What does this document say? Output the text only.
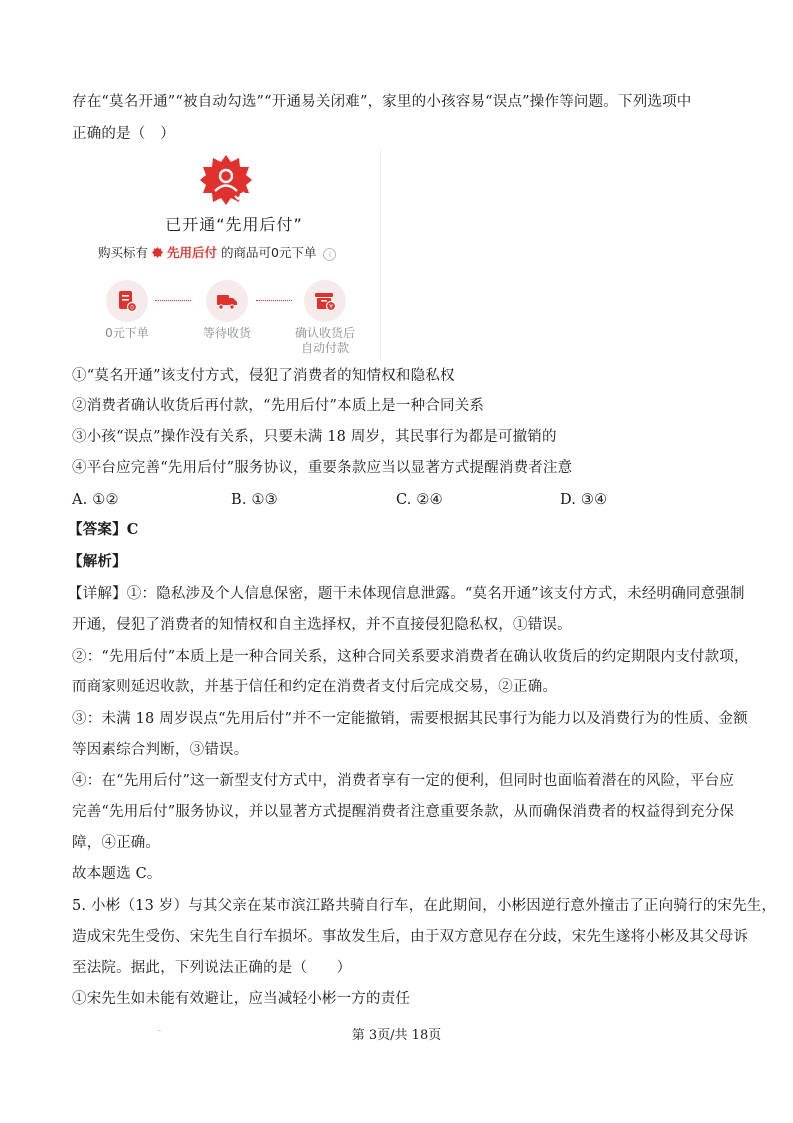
存在“莫名开通”“被自动勾选”“开通易关闭难”，家里的小孩容易“误点”操作等问题。下列选项中
正确的是（　）
已开通“先用后付”
购买标有 先用后付 的商品可0元下单 i
0	¥
0元下单	等待收货	确认收货后
自动付款
①“莫名开通”该支付方式，侵犯了消费者的知情权和隐私权
②消费者确认收货后再付款，“先用后付”本质上是一种合同关系
③小孩“误点”操作没有关系，只要未满 18 周岁，其民事行为都是可撤销的
④平台应完善“先用后付”服务协议，重要条款应当以显著方式提醒消费者注意
A. ①②	B. ①③	C. ②④	D. ③④
【答案】C
【解析】
【详解】①：隐私涉及个人信息保密，题干未体现信息泄露。“莫名开通”该支付方式，未经明确同意强制
开通，侵犯了消费者的知情权和自主选择权，并不直接侵犯隐私权，①错误。
②：“先用后付”本质上是一种合同关系，这种合同关系要求消费者在确认收货后的约定期限内支付款项，
而商家则延迟收款，并基于信任和约定在消费者支付后完成交易，②正确。
③：未满 18 周岁误点“先用后付”并不一定能撤销，需要根据其民事行为能力以及消费行为的性质、金额
等因素综合判断，③错误。
④：在“先用后付”这一新型支付方式中，消费者享有一定的便利，但同时也面临着潜在的风险，平台应
完善“先用后付”服务协议，并以显著方式提醒消费者注意重要条款，从而确保消费者的权益得到充分保
障，④正确。
故本题选 C。
5. 小彬（13 岁）与其父亲在某市滨江路共骑自行车，在此期间，小彬因逆行意外撞击了正向骑行的宋先生，
造成宋先生受伤、宋先生自行车损坏。事故发生后，由于双方意见存在分歧，宋先生遂将小彬及其父母诉
至法院。据此，下列说法正确的是（　　）
①宋先生如未能有效避让，应当减轻小彬一方的责任
第 3页/共 18页
